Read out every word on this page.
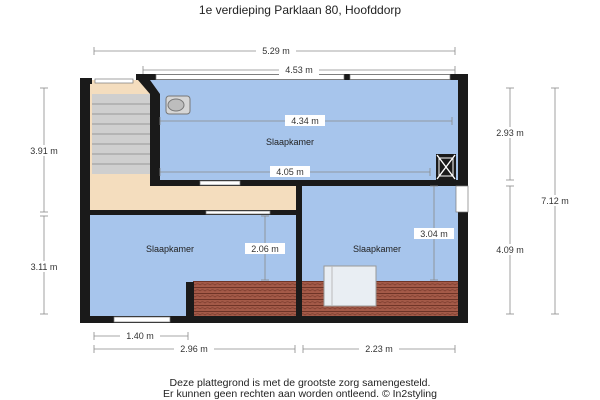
1e verdieping Parklaan 80, Hoofddorp
5.29 m
4.53 m
4.34 m
4.05 m
3.91 m
3.11 m
2.93 m
4.09 m
7.12 m
2.06 m
3.04 m
1.40 m
2.96 m	2.23 m
Slaapkamer
Slaapkamer	Slaapkamer
Deze plattegrond is met de grootste zorg samengesteld.
Er kunnen geen rechten aan worden ontleend. © In2styling
